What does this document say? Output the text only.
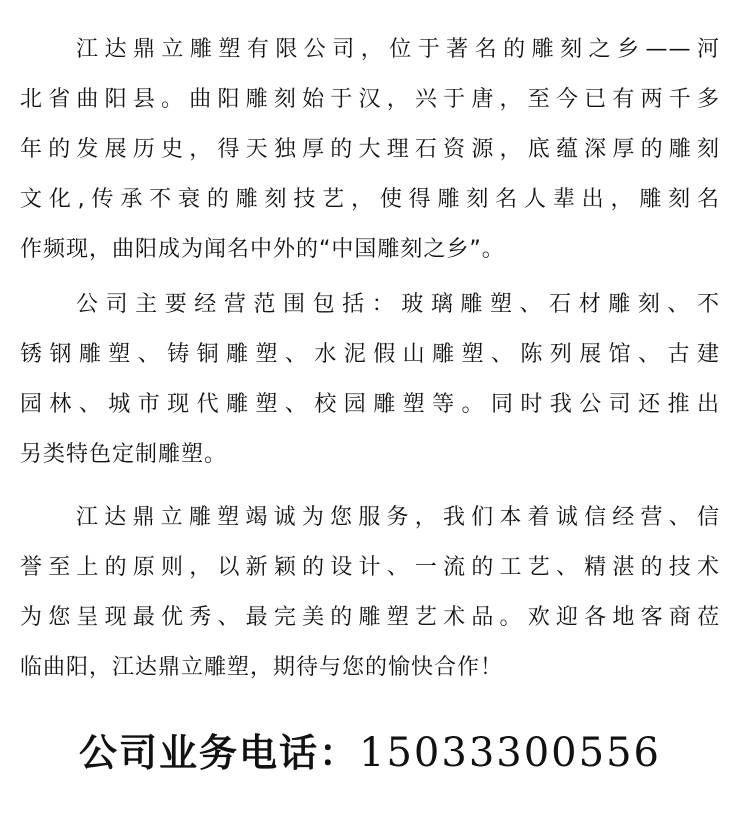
江达鼎立雕塑有限公司，位于著名的雕刻之乡——河
北省曲阳县。曲阳雕刻始于汉，兴于唐，至今已有两千多
年的发展历史，得天独厚的大理石资源，底蕴深厚的雕刻
文化,传承不衰的雕刻技艺，使得雕刻名人辈出，雕刻名
作频现，曲阳成为闻名中外的“中国雕刻之乡”。
公司主要经营范围包括：玻璃雕塑、石材雕刻、不
锈钢雕塑、铸铜雕塑、水泥假山雕塑、陈列展馆、古建
园林、城市现代雕塑、校园雕塑等。同时我公司还推出
另类特色定制雕塑。
江达鼎立雕塑竭诚为您服务，我们本着诚信经营、信
誉至上的原则，以新颖的设计、一流的工艺、精湛的技术
为您呈现最优秀、最完美的雕塑艺术品。欢迎各地客商莅
临曲阳，江达鼎立雕塑，期待与您的愉快合作！
公司业务电话：15033300556
